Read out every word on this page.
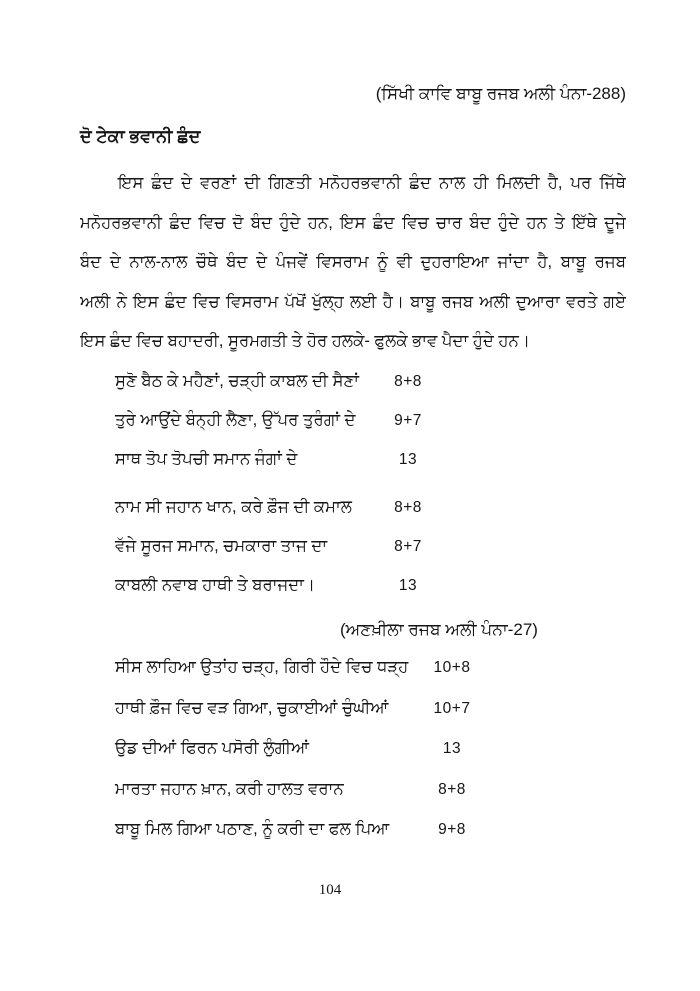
(ਸਿੱਖੀ ਕਾਵਿ ਬਾਬੂ ਰਜਬ ਅਲੀ ਪੰਨਾ-288)
ਦੋ ਟੇਕਾ ਭਵਾਨੀ ਛੰਦ
ਇਸ ਛੰਦ ਦੇ ਵਰਣਾਂ ਦੀ ਗਿਣਤੀ ਮਨੋਹਰਭਵਾਨੀ ਛੰਦ ਨਾਲ ਹੀ ਮਿਲਦੀ ਹੈ, ਪਰ ਜਿੱਥੇ
ਮਨੋਹਰਭਵਾਨੀ ਛੰਦ ਵਿਚ ਦੋ ਬੰਦ ਹੁੰਦੇ ਹਨ, ਇਸ ਛੰਦ ਵਿਚ ਚਾਰ ਬੰਦ ਹੁੰਦੇ ਹਨ ਤੇ ਇੱਥੇ ਦੂਜੇ
ਬੰਦ ਦੇ ਨਾਲ-ਨਾਲ ਚੌਥੇ ਬੰਦ ਦੇ ਪੰਜਵੇਂ ਵਿਸਰਾਮ ਨੂੰ ਵੀ ਦੁਹਰਾਇਆ ਜਾਂਦਾ ਹੈ, ਬਾਬੂ ਰਜਬ
ਅਲੀ ਨੇ ਇਸ ਛੰਦ ਵਿਚ ਵਿਸਰਾਮ ਪੱਖੋਂ ਖੁੱਲ੍ਹ ਲਈ ਹੈ। ਬਾਬੂ ਰਜਬ ਅਲੀ ਦੁਆਰਾ ਵਰਤੇ ਗਏ
ਇਸ ਛੰਦ ਵਿਚ ਬਹਾਦਰੀ, ਸੂਰਮਗਤੀ ਤੇ ਹੋਰ ਹਲਕੇ- ਫੁਲਕੇ ਭਾਵ ਪੈਦਾ ਹੁੰਦੇ ਹਨ।
ਸੁਣੋ ਬੈਠ ਕੇ ਮਹੈਣਾਂ, ਚੜ੍ਹੀ ਕਾਬਲ ਦੀ ਸੈਣਾਂ	8+8
ਤੁਰੇ ਆਉਂਦੇ ਬੰਨ੍ਹੀ ਲੈਣਾ, ਉੱਪਰ ਤੁਰੰਗਾਂ ਦੇ	9+7
ਸਾਥ ਤੋਪ ਤੋਪਚੀ ਸਮਾਨ ਜੰਗਾਂ ਦੇ	13
ਨਾਮ ਸੀ ਜਹਾਨ ਖਾਨ, ਕਰੇ ਫ਼ੌਜ ਦੀ ਕਮਾਲ	8+8
ਵੱਜੇ ਸੂਰਜ ਸਮਾਨ, ਚਮਕਾਰਾ ਤਾਜ ਦਾ	8+7
ਕਾਬਲੀ ਨਵਾਬ ਹਾਥੀ ਤੇ ਬਰਾਜਦਾ।	13
(ਅਣਖ਼ੀਲਾ ਰਜਬ ਅਲੀ ਪੰਨਾ-27)
ਸੀਸ ਲਾਹਿਆ ਉਤਾਂਹ ਚੜ੍ਹ, ਗਿਰੀ ਹੌਦੇ ਵਿਚ ਧੜ੍ਹ	10+8
ਹਾਥੀ ਫ਼ੌਜ ਵਿਚ ਵੜ ਗਿਆ, ਚੁਕਾਈਆਂ ਚੁੰਘੀਆਂ	10+7
ਉਡ ਦੀਆਂ ਫਿਰਨ ਪਸੋਰੀ ਲੁੰਗੀਆਂ	13
ਮਾਰਤਾ ਜਹਾਨ ਖ਼ਾਨ, ਕਰੀ ਹਾਲਤ ਵਰਾਨ	8+8
ਬਾਬੂ ਮਿਲ ਗਿਆ ਪਠਾਣ, ਨੂੰ ਕਰੀ ਦਾ ਫਲ ਪਿਆ	9+8
104
